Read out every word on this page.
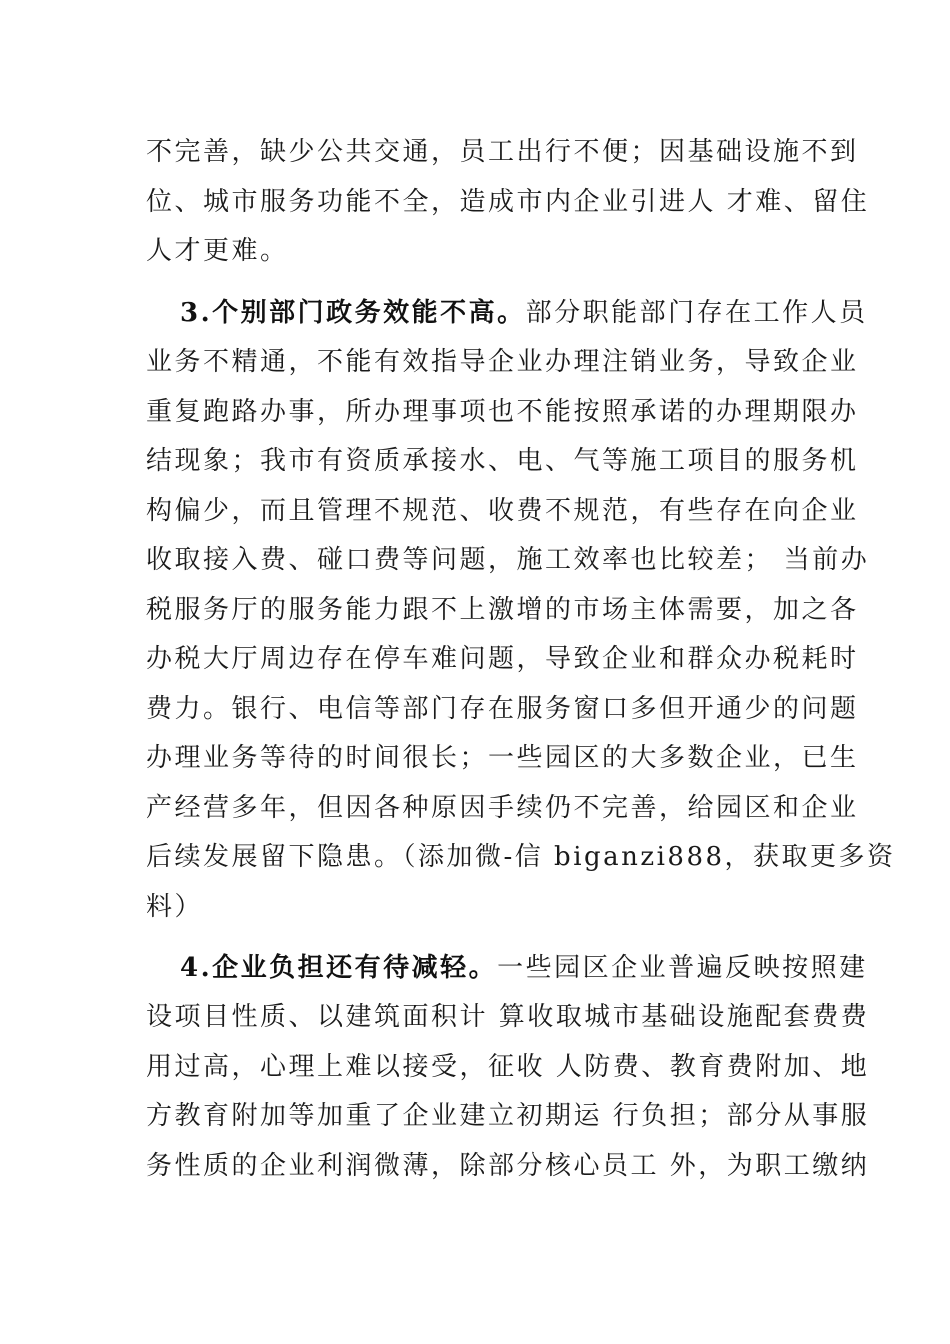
不完善，缺少公共交通，员工出行不便；因基础设施不到
位、城市服务功能不全，造成市内企业引进人 才难、留住
人才更难。
3.个别部门政务效能不高。部分职能部门存在工作人员
业务不精通，不能有效指导企业办理注销业务，导致企业
重复跑路办事，所办理事项也不能按照承诺的办理期限办
结现象；我市有资质承接水、电、气等施工项目的服务机
构偏少，而且管理不规范、收费不规范，有些存在向企业
收取接入费、碰口费等问题，施工效率也比较差； 当前办
税服务厅的服务能力跟不上激增的市场主体需要，加之各
办税大厅周边存在停车难问题，导致企业和群众办税耗时
费力。银行、电信等部门存在服务窗口多但开通少的问题
办理业务等待的时间很长；一些园区的大多数企业，已生
产经营多年，但因各种原因手续仍不完善，给园区和企业
后续发展留下隐患。（添加微-信 biganzi888，获取更多资
料）
4.企业负担还有待减轻。一些园区企业普遍反映按照建
设项目性质、以建筑面积计 算收取城市基础设施配套费费
用过高，心理上难以接受，征收 人防费、教育费附加、地
方教育附加等加重了企业建立初期运 行负担；部分从事服
务性质的企业利润微薄，除部分核心员工 外，为职工缴纳
